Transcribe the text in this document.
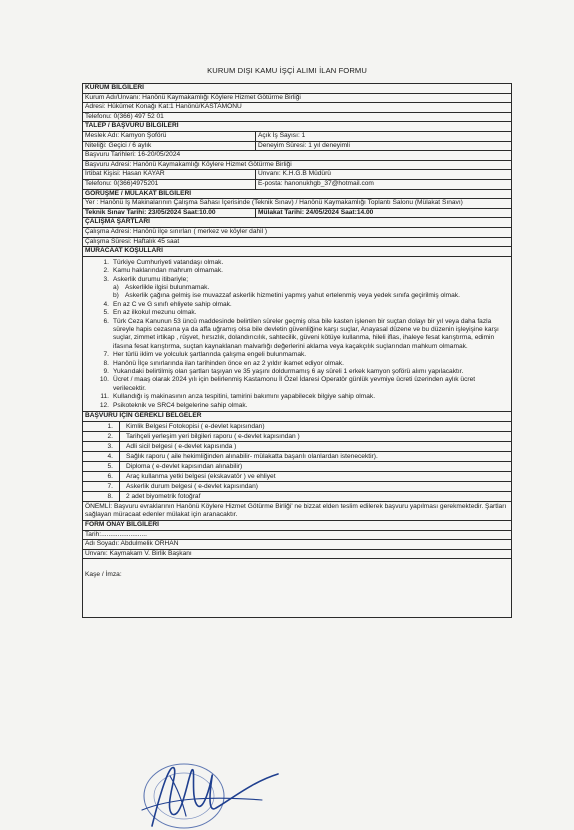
KURUM DIŞI KAMU İŞÇİ ALIMI İLAN FORMU
KURUM BİLGİLERİ
Kurum Adı/Unvanı: Hanönü Kaymakamlığı Köylere Hizmet Götürme Birliği
Adresi: Hükümet Konağı Kat:1 Hanönü/KASTAMONU
Telefonu: 0(366) 497 52 01
TALEP / BAŞVURU BİLGİLERİ
Meslek Adı: Kamyon Şoförü	Açık İş Sayısı: 1
Niteliği: Geçici / 6 aylık	Deneyim Süresi: 1 yıl deneyimli
Başvuru Tarihleri: 16-20/05/2024
Başvuru Adresi: Hanönü Kaymakamlığı Köylere Hizmet Götürme Birliği
İrtibat Kişisi: Hasan KAYAR	Unvanı: K.H.G.B Müdürü
Telefonu: 0(366)4975201	E-posta: hanonukhgb_37@hotmail.com
GÖRÜŞME / MÜLAKAT BİLGİLERİ
Yer : Hanönü İş Makinalarının Çalışma Sahası İçerisinde (Teknik Sınav) / Hanönü Kaymakamlığı Toplantı Salonu (Mülakat Sınavı)
Teknik Sınav Tarihi: 23/05/2024 Saat:10.00	Mülakat Tarihi: 24/05/2024 Saat:14.00
ÇALIŞMA ŞARTLARI
Çalışma Adresi: Hanönü ilçe sınırları ( merkez ve köyler dahil )
Çalışma Süresi: Haftalık 45 saat
MÜRACAAT KOŞULLARI
1. Türkiye Cumhuriyeti vatandaşı olmak.
2. Kamu haklarından mahrum olmamak.
3. Askerlik durumu itibariyle;
a) Askerlikle ilgisi bulunmamak.
b) Askerlik çağına gelmiş ise muvazzaf askerlik hizmetini yapmış yahut ertelenmiş veya yedek sınıfa geçirilmiş olmak.
4. En az C ve G sınıfı ehliyete sahip olmak.
5. En az ilkokul mezunu olmak.
6. Türk Ceza Kanunun 53 üncü maddesinde belirtilen süreler geçmiş olsa bile kasten işlenen bir suçtan dolayı bir yıl veya daha fazla süreyle hapis cezasına ya da affa uğramış olsa bile devletin güvenliğine karşı suçlar, Anayasal düzene ve bu düzenin işleyişine karşı suçlar, zimmet irtikap , rüşvet, hırsızlık, dolandırıcılık, sahtecilik, güveni kötüye kullanma, hileli iflas, ihaleye fesat karıştırma, edimin ifasına fesat karıştırma, suçtan kaynaklanan malvarlığı değerlerini aklama veya kaçakçılık suçlarından mahkum olmamak.
7. Her türlü iklim ve yolculuk şartlarında çalışma engeli bulunmamak.
8. Hanönü İlçe sınırlarında ilan tarihinden önce en az 2 yıldır ikamet ediyor olmak.
9. Yukarıdaki belirtilmiş olan şartları taşıyan ve 35 yaşını doldurmamış 6 ay süreli 1 erkek kamyon şoförü alımı yapılacaktır.
10. Ücret / maaş olarak 2024 yılı için belirlenmiş Kastamonu İl Özel İdaresi Operatör günlük yevmiye ücreti üzerinden aylık ücret verilecektir.
11. Kullandığı iş makinasının arıza tespitini, tamirini bakımını yapabilecek bilgiye sahip olmak.
12. Psikoteknik ve SRC4 belgelerine sahip olmak.
BAŞVURU İÇİN GEREKLİ BELGELER
1.	Kimlik Belgesi Fotokopisi ( e-devlet kapısından)
2.	Tarihçeli yerleşim yeri bilgileri raporu ( e-devlet kapısından )
3.	Adli sicil belgesi ( e-devlet kapısında )
4.	Sağlık raporu ( aile hekimliğinden alınabilir- mülakatta başarılı olanlardan istenecektir).
5.	Diploma ( e-devlet kapısından alınabilir)
6.	Araç kullanma yetki belgesi (ekskavatör ) ve ehliyet
7.	Askerlik durum belgesi ( e-devlet kapısından)
8.	2 adet biyometrik fotoğraf
ÖNEMLİ: Başvuru evraklarının Hanönü Köylere Hizmet Götürme Birliği' ne bizzat elden teslim edilerek başvuru yapılması gerekmektedir. Şartları sağlayan müracaat edenler mülakat için aranacaktır.
FORM ONAY BİLGİLERİ
Tarih:.........................
Adı Soyadı: Abdulmelik ORHAN
Unvanı: Kaymakam V. Birlik Başkanı
Kaşe / İmza:
